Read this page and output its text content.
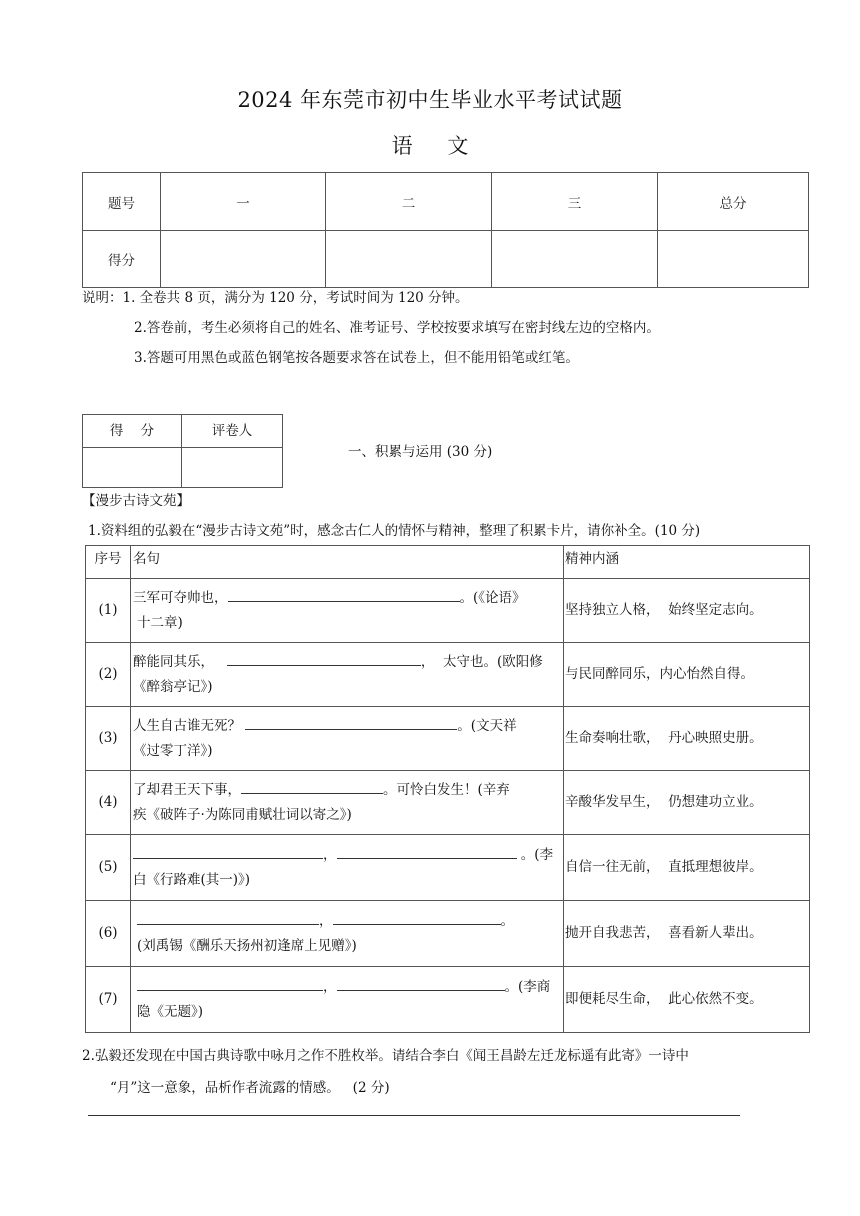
2024 年东莞市初中生毕业水平考试试题
语 文
题号	一	二	三	总分
得分				
说明：1. 全卷共 8 页，满分为 120 分，考试时间为 120 分钟。
2.答卷前，考生必须将自己的姓名、准考证号、学校按要求填写在密封线左边的空格内。
3.答题可用黑色或蓝色钢笔按各题要求答在试卷上，但不能用铅笔或红笔。
得    分	评卷人

一、积累与运用 (30 分)
【漫步古诗文苑】
1.资料组的弘毅在“漫步古诗文苑”时，感念古仁人的情怀与精神，整理了积累卡片，请你补全。(10 分)
序号	名句	精神内涵
(1)	三军可夺帅也， 。(《论语》
十二章)	坚持独立人格，  始终坚定志向。
(2)	醉能同其乐， ， 太守也。(欧阳修
《醉翁亭记》)	与民同醉同乐，内心怡然自得。
(3)	人生自古谁无死？ 。(文天祥
《过零丁洋》)	生命奏响壮歌，  丹心映照史册。
(4)	了却君王天下事， 。可怜白发生！(辛弃
疾《破阵子·为陈同甫赋壮词以寄之》)	辛酸华发早生，  仍想建功立业。
(5)	， 。(李
白《行路难(其一)》)	自信一往无前，  直抵理想彼岸。
(6)	， 。
(刘禹锡《酬乐天扬州初逢席上见赠》)	抛开自我悲苦，  喜看新人辈出。
(7)	， 。(李商
隐《无题》)	即便耗尽生命，  此心依然不变。
2.弘毅还发现在中国古典诗歌中咏月之作不胜枚举。请结合李白《闻王昌龄左迁龙标遥有此寄》一诗中
“月”这一意象，品析作者流露的情感。   (2 分)
